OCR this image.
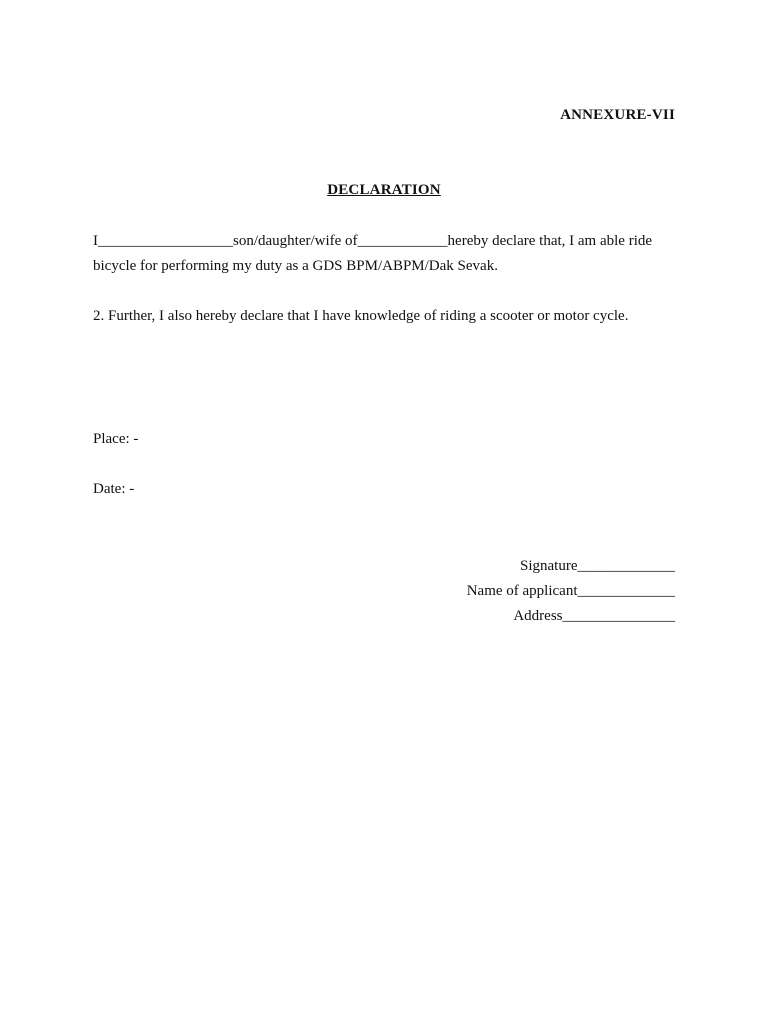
ANNEXURE-VII
DECLARATION
I__________________son/daughter/wife of____________hereby declare that, I am able ride bicycle for performing my duty as a GDS BPM/ABPM/Dak Sevak.
2. Further, I also hereby declare that I have knowledge of riding a scooter or motor cycle.
Place: -
Date: -
Signature_____________
Name of applicant_____________
Address_______________
